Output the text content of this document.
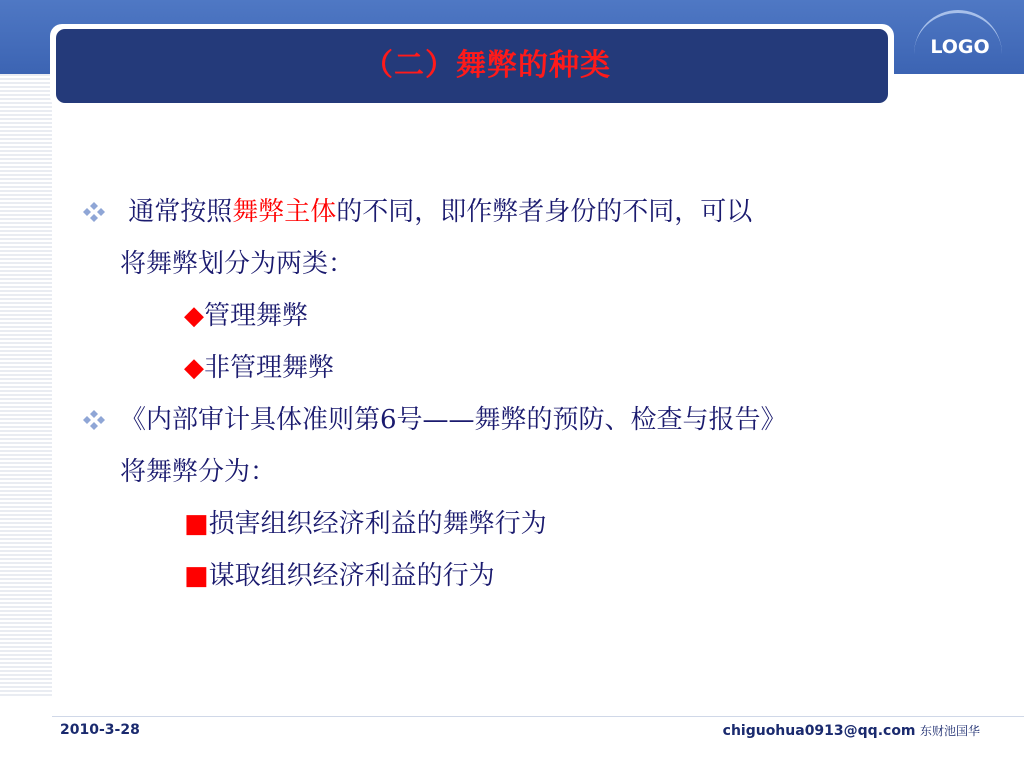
（二）舞弊的种类
LOGO
通常按照舞弊主体的不同，即作弊者身份的不同，可以
将舞弊划分为两类：
◆管理舞弊
◆非管理舞弊
《内部审计具体准则第6号——舞弊的预防、检查与报告》
将舞弊分为：
■损害组织经济利益的舞弊行为
■谋取组织经济利益的行为
2010-3-28	chiguohua0913@qq.com 东财池国华
